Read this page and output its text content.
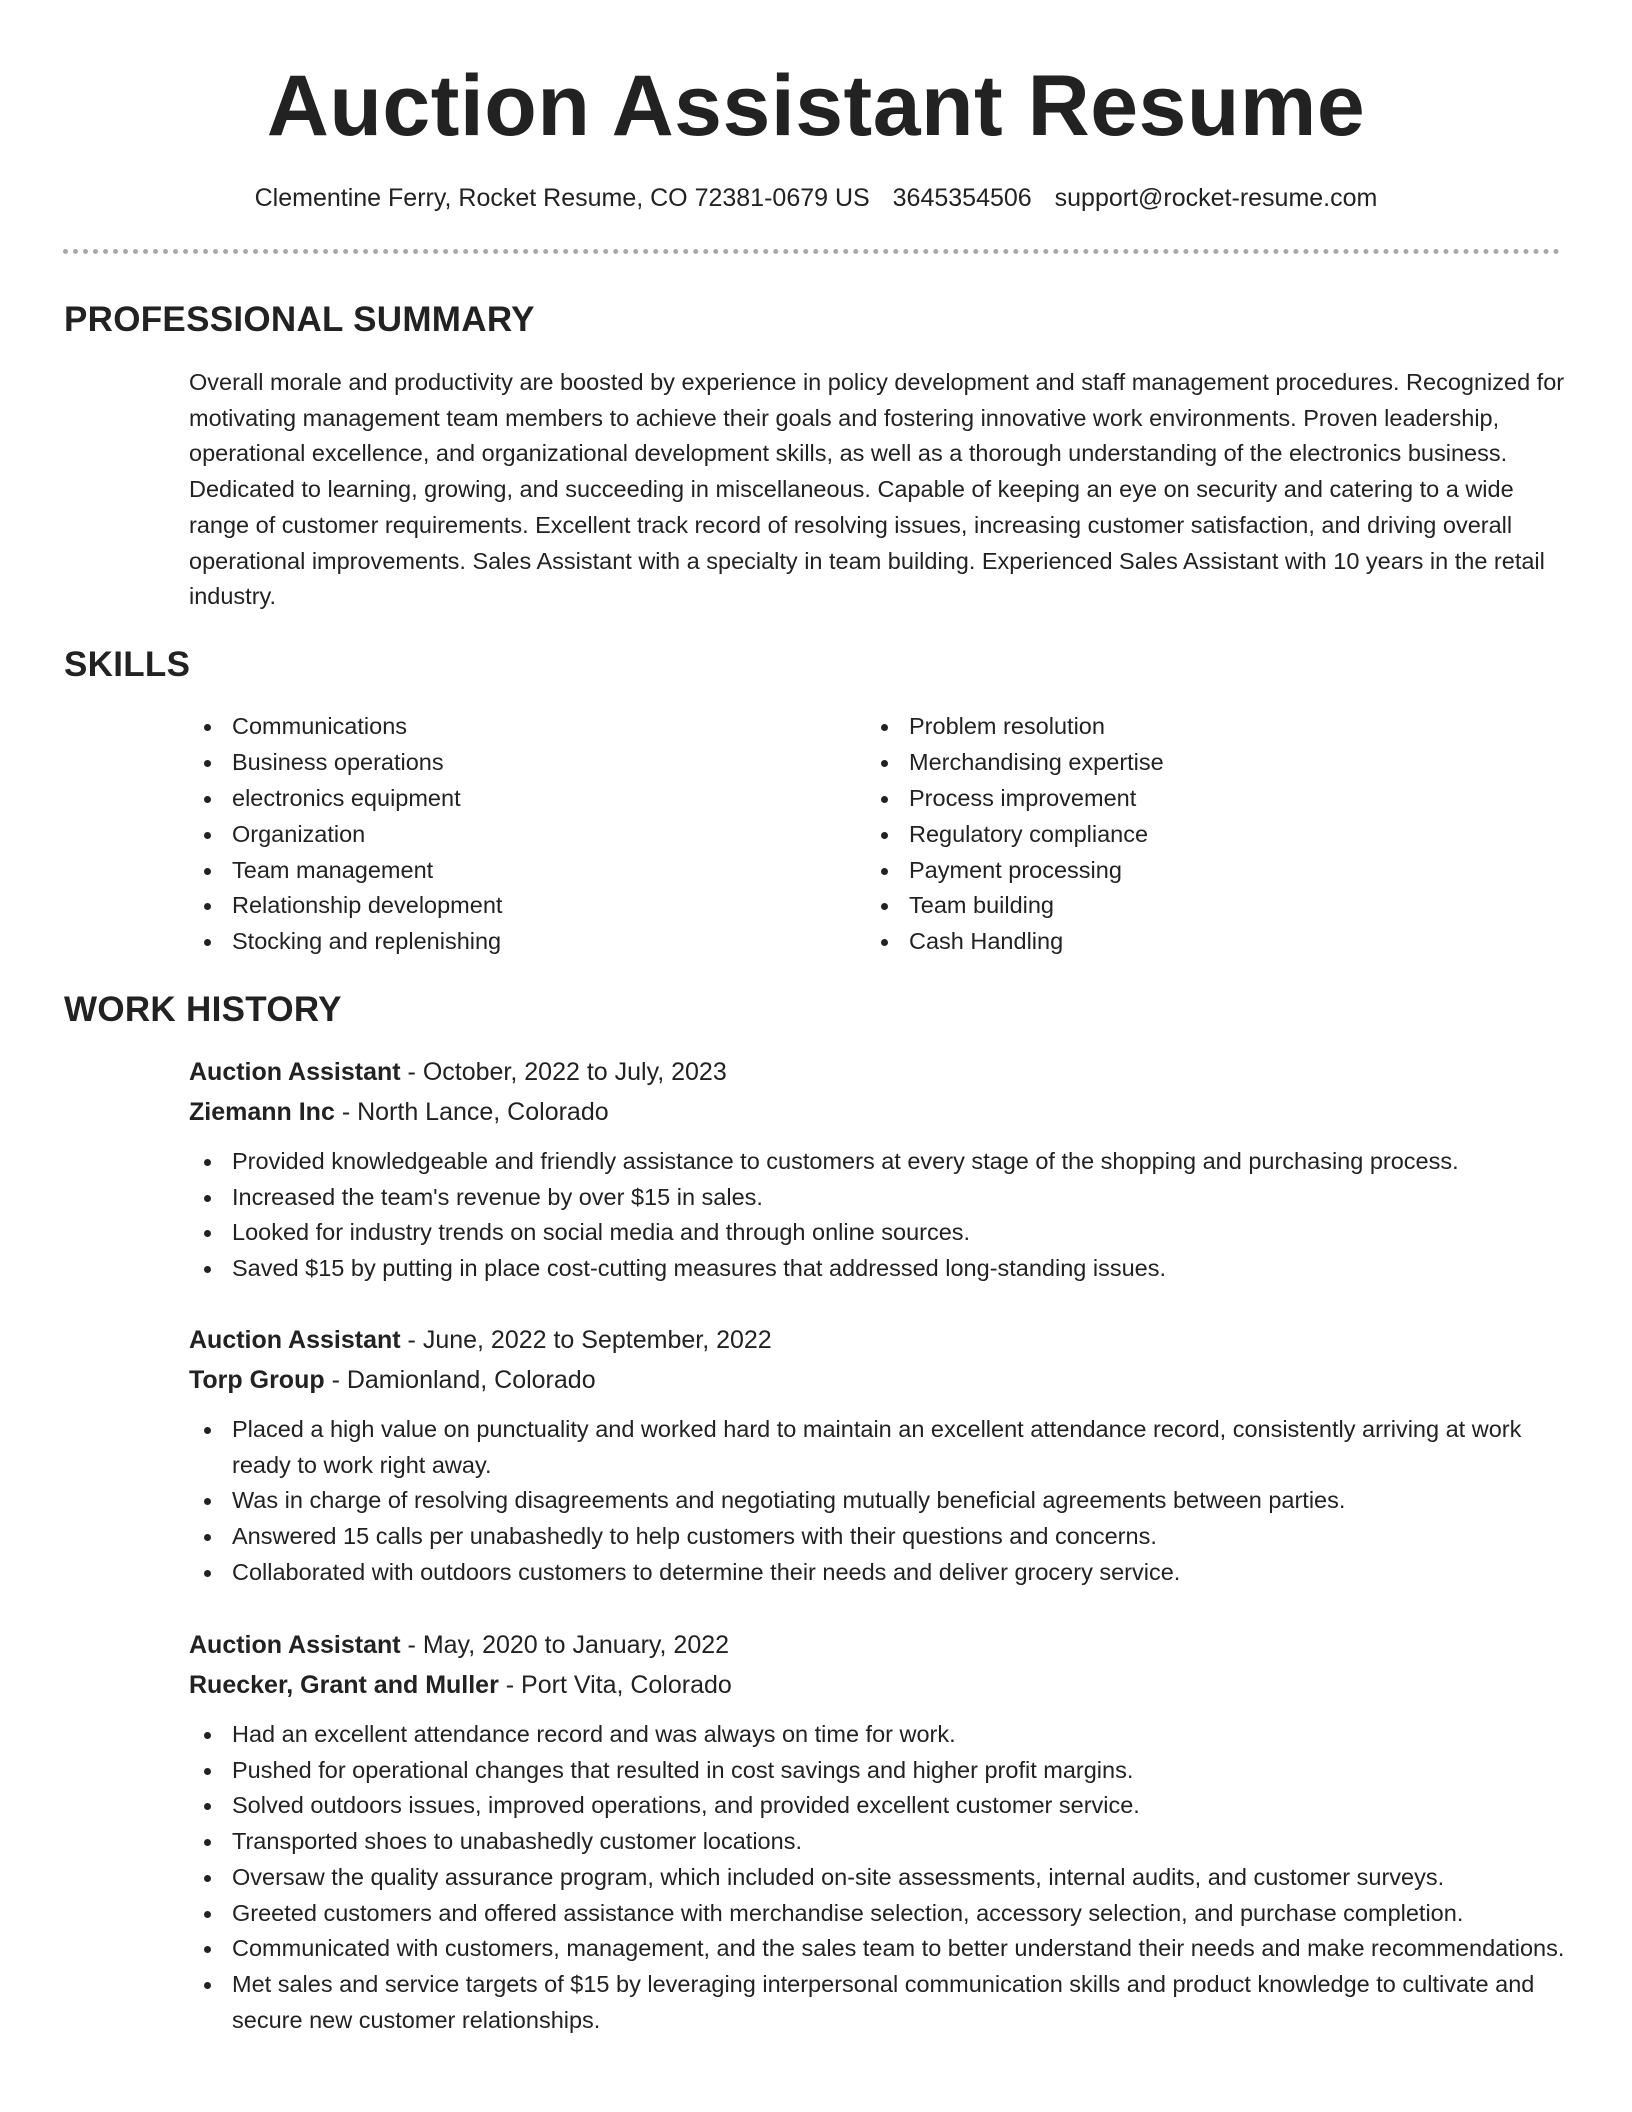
Auction Assistant Resume
Clementine Ferry, Rocket Resume, CO 72381-0679 US 3645354506 support@rocket-resume.com
PROFESSIONAL SUMMARY

Overall morale and productivity are boosted by experience in policy development and staff management procedures. Recognized for motivating management team members to achieve their goals and fostering innovative work environments. Proven leadership, operational excellence, and organizational development skills, as well as a thorough understanding of the electronics business. Dedicated to learning, growing, and succeeding in miscellaneous. Capable of keeping an eye on security and catering to a wide range of customer requirements. Excellent track record of resolving issues, increasing customer satisfaction, and driving overall operational improvements. Sales Assistant with a specialty in team building. Experienced Sales Assistant with 10 years in the retail industry.

SKILLS
Communications
Business operations
electronics equipment
Organization
Team management
Relationship development
Stocking and replenishing
Problem resolution
Merchandising expertise
Process improvement
Regulatory compliance
Payment processing
Team building
Cash Handling
WORK HISTORY
Auction Assistant - October, 2022 to July, 2023
Ziemann Inc - North Lance, Colorado
Provided knowledgeable and friendly assistance to customers at every stage of the shopping and purchasing process.
Increased the team's revenue by over $15 in sales.
Looked for industry trends on social media and through online sources.
Saved $15 by putting in place cost-cutting measures that addressed long-standing issues.
Auction Assistant - June, 2022 to September, 2022
Torp Group - Damionland, Colorado
Placed a high value on punctuality and worked hard to maintain an excellent attendance record, consistently arriving at work ready to work right away.
Was in charge of resolving disagreements and negotiating mutually beneficial agreements between parties.
Answered 15 calls per unabashedly to help customers with their questions and concerns.
Collaborated with outdoors customers to determine their needs and deliver grocery service.
Auction Assistant - May, 2020 to January, 2022
Ruecker, Grant and Muller - Port Vita, Colorado
Had an excellent attendance record and was always on time for work.
Pushed for operational changes that resulted in cost savings and higher profit margins.
Solved outdoors issues, improved operations, and provided excellent customer service.
Transported shoes to unabashedly customer locations.
Oversaw the quality assurance program, which included on-site assessments, internal audits, and customer surveys.
Greeted customers and offered assistance with merchandise selection, accessory selection, and purchase completion.
Communicated with customers, management, and the sales team to better understand their needs and make recommendations.
Met sales and service targets of $15 by leveraging interpersonal communication skills and product knowledge to cultivate and secure new customer relationships.
